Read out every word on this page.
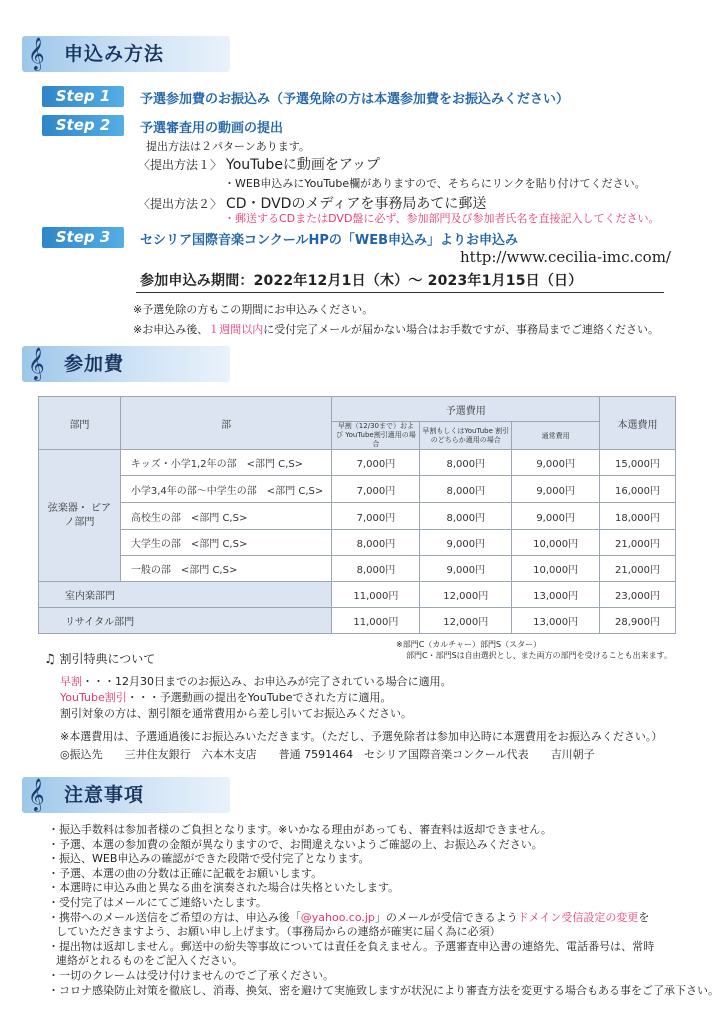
𝄞 申込み方法
Step 1	予選参加費のお振込み（予選免除の方は本選参加費をお振込みください）
Step 2	予選審査用の動画の提出
提出方法は２パターンあります。
〈提出方法１〉 YouTubeに動画をアップ
・WEB申込みにYouTube欄がありますので、そちらにリンクを貼り付けてください。
〈提出方法２〉 CD・DVDのメディアを事務局あてに郵送
・郵送するCDまたはDVD盤に必ず、参加部門及び参加者氏名を直接記入してください。
Step 3	セシリア国際音楽コンクールHPの「WEB申込み」よりお申込み
http://www.cecilia-imc.com/
参加申込み期間：2022年12月1日（木）～ 2023年1月15日（日）
※予選免除の方もこの期間にお申込みください。
※お申込み後、１週間以内に受付完了メールが届かない場合はお手数ですが、事務局までご連絡ください。
𝄞 参加費
部門	部	予選費用			本選費用
		早割（12/30まで）および YouTube割引適用の場合	早割もしくはYouTube 割引のどちらか適用の場合	通常費用	
弦楽器・ ピアノ部門	キッズ・小学1,2年の部　<部門 C,S>	7,000円	8,000円	9,000円	15,000円
	小学3,4年の部～中学生の部　<部門 C,S>	7,000円	8,000円	9,000円	16,000円
	高校生の部　<部門 C,S>	7,000円	8,000円	9,000円	18,000円
	大学生の部　<部門 C,S>	8,000円	9,000円	10,000円	21,000円
	一般の部　<部門 C,S>	8,000円	9,000円	10,000円	21,000円
室内楽部門		11,000円	12,000円	13,000円	23,000円
リサイタル部門		11,000円	12,000円	13,000円	28,900円
※部門C（カルチャー）部門S（スター）
部門C・部門Sは自由選択とし、また両方の部門を受けることも出来ます。
♫ 割引特典について
早割・・・12月30日までのお振込み、お申込みが完了されている場合に適用。
YouTube割引・・・予選動画の提出をYouTubeでされた方に適用。
割引対象の方は、割引額を通常費用から差し引いてお振込みください。
※本選費用は、予選通過後にお振込みいただきます。（ただし、予選免除者は参加申込時に本選費用をお振込みください。）
◎振込先　　三井住友銀行　六本木支店　　普通 7591464　セシリア国際音楽コンクール代表　　吉川朝子
𝄞 注意事項
・振込手数料は参加者様のご負担となります。※いかなる理由があっても、審査料は返却できません。
・予選、本選の参加費の金額が異なりますので、お間違えないようご確認の上、お振込みください。
・振込、WEB申込みの確認ができた段階で受付完了となります。
・予選、本選の曲の分数は正確に記載をお願いします。
・本選時に申込み曲と異なる曲を演奏された場合は失格といたします。
・受付完了はメールにてご連絡いたします。
・携帯へのメール送信をご希望の方は、申込み後「@yahoo.co.jp」のメールが受信できるようドメイン受信設定の変更を
していただきますよう、お願い申し上げます。（事務局からの連絡が確実に届く為に必須）
・提出物は返却しません。郵送中の紛失等事故については責任を負えません。予選審査申込書の連絡先、電話番号は、常時
連絡がとれるものをご記入ください。
・一切のクレームは受け付けませんのでご了承ください。
・コロナ感染防止対策を徹底し、消毒、換気、密を避けて実施致しますが状況により審査方法を変更する場合もある事をご了承下さい。
